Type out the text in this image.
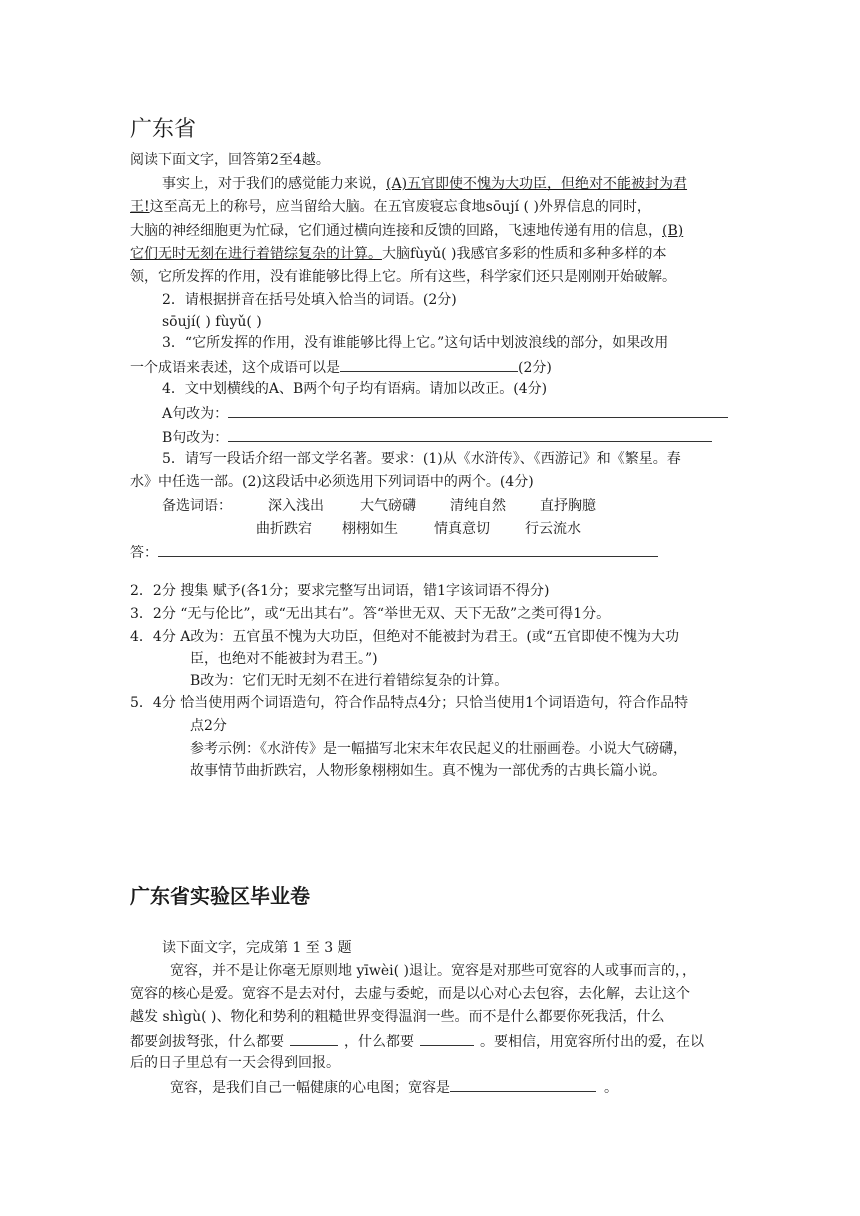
广东省
阅读下面文字，回答第2至4越。
事实上，对于我们的感觉能力来说，(A)五官即使不愧为大功臣，但绝对不能被封为君
王!这至高无上的称号，应当留给大脑。在五官废寝忘食地sōují ( )外界信息的同时，
大脑的神经细胞更为忙碌，它们通过横向连接和反馈的回路，飞速地传递有用的信息，(B)
它们无时无刻在进行着错综复杂的计算。大脑fùyǔ( )我感官多彩的性质和多种多样的本
领，它所发挥的作用，没有谁能够比得上它。所有这些，科学家们还只是刚刚开始破解。
2．请根据拼音在括号处填入恰当的词语。(2分)
sōují( ) fùyǔ( )
3．“它所发挥的作用，没有谁能够比得上它。”这句话中划波浪线的部分，如果改用
一个成语来表述，这个成语可以是	(2分)
4．文中划横线的A、B两个句子均有语病。请加以改正。(4分)
A句改为：
B句改为：
5．请写一段话介绍一部文学名著。要求：(1)从《水浒传》、《西游记》和《繁星。春
水》中任选一部。(2)这段话中必须选用下列词语中的两个。(4分)
备选词语：	深入浅出	大气磅礴 清纯自然 直抒胸臆
曲折跌宕 栩栩如生	情真意切	行云流水
答：
2．2分 搜集 赋予(各1分；要求完整写出词语，错1字该词语不得分)
3．2分 “无与伦比”，或“无出其右”。答“举世无双、天下无敌”之类可得1分。
4．4分 A改为：五官虽不愧为大功臣，但绝对不能被封为君王。(或“五官即使不愧为大功
臣，也绝对不能被封为君王。”)
B改为：它们无时无刻不在进行着错综复杂的计算。
5．4分 恰当使用两个词语造句，符合作品特点4分；只恰当使用1个词语造句，符合作品特
点2分
参考示例：《水浒传》是一幅描写北宋末年农民起义的壮丽画卷。小说大气磅礴，
故事情节曲折跌宕，人物形象栩栩如生。真不愧为一部优秀的古典长篇小说。
广东省实验区毕业卷
读下面文字，完成第 1 至 3 题
宽容，并不是让你毫无原则地 yīwèi( )退让。宽容是对那些可宽容的人或事而言的，，
宽容的核心是爱。宽容不是去对付，去虚与委蛇，而是以心对心去包容，去化解，去让这个
越发 shìgù( )、物化和势利的粗糙世界变得温润一些。而不是什么都要你死我活，什么
都要剑拔弩张，什么都要	，什么都要	。要相信，用宽容所付出的爱，在以
后的日子里总有一天会得到回报。
宽容，是我们自己一幅健康的心电图；宽容是	。
